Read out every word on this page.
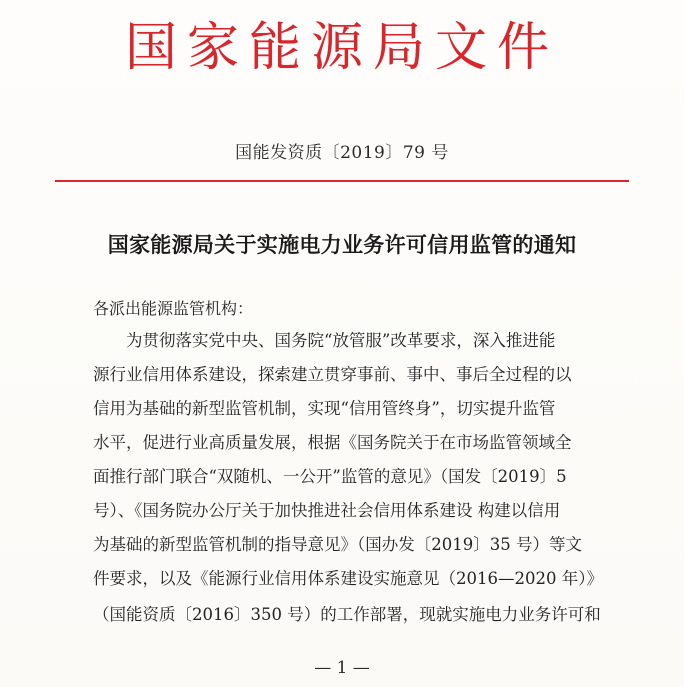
国家能源局文件
国能发资质〔2019〕79 号
国家能源局关于实施电力业务许可信用监管的通知
各派出能源监管机构：
为贯彻落实党中央、国务院“放管服”改革要求，深入推进能
源行业信用体系建设，探索建立贯穿事前、事中、事后全过程的以
信用为基础的新型监管机制，实现“信用管终身”，切实提升监管
水平，促进行业高质量发展，根据《国务院关于在市场监管领域全
面推行部门联合“双随机、一公开”监管的意见》（国发〔2019〕5
号）、《国务院办公厅关于加快推进社会信用体系建设 构建以信用
为基础的新型监管机制的指导意见》（国办发〔2019〕35 号）等文
件要求，以及《能源行业信用体系建设实施意见（2016—2020 年）》
（国能资质〔2016〕350 号）的工作部署，现就实施电力业务许可和
— 1 —
